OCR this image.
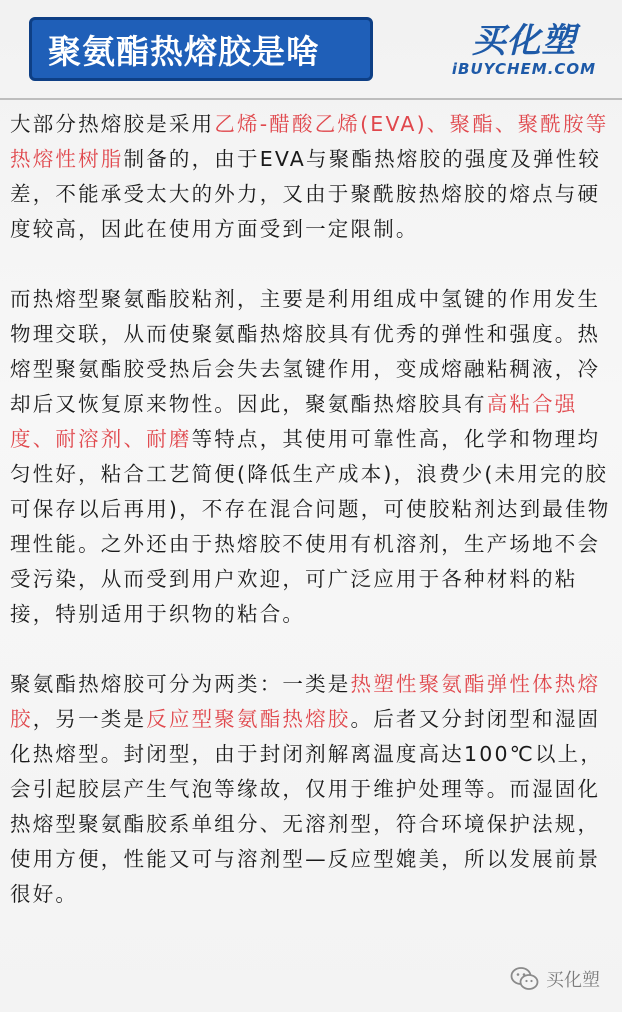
聚氨酯热熔胶是啥	买化塑
iBUYCHEM.COM

大部分热熔胶是采用乙烯-醋酸乙烯(EVA)、聚酯、聚酰胺等热熔性树脂制备的，由于EVA与聚酯热熔胶的强度及弹性较差，不能承受太大的外力，又由于聚酰胺热熔胶的熔点与硬度较高，因此在使用方面受到一定限制。

而热熔型聚氨酯胶粘剂，主要是利用组成中氢键的作用发生物理交联，从而使聚氨酯热熔胶具有优秀的弹性和强度。热熔型聚氨酯胶受热后会失去氢键作用，变成熔融粘稠液，冷却后又恢复原来物性。因此，聚氨酯热熔胶具有高粘合强度、耐溶剂、耐磨等特点，其使用可靠性高，化学和物理均匀性好，粘合工艺简便(降低生产成本)，浪费少(未用完的胶可保存以后再用)，不存在混合问题，可使胶粘剂达到最佳物理性能。之外还由于热熔胶不使用有机溶剂，生产场地不会受污染，从而受到用户欢迎，可广泛应用于各种材料的粘接，特别适用于织物的粘合。

聚氨酯热熔胶可分为两类：一类是热塑性聚氨酯弹性体热熔胶，另一类是反应型聚氨酯热熔胶。后者又分封闭型和湿固化热熔型。封闭型，由于封闭剂解离温度高达100℃以上，会引起胶层产生气泡等缘故，仅用于维护处理等。而湿固化热熔型聚氨酯胶系单组分、无溶剂型，符合环境保护法规，使用方便，性能又可与溶剂型—反应型媲美，所以发展前景很好。

买化塑
